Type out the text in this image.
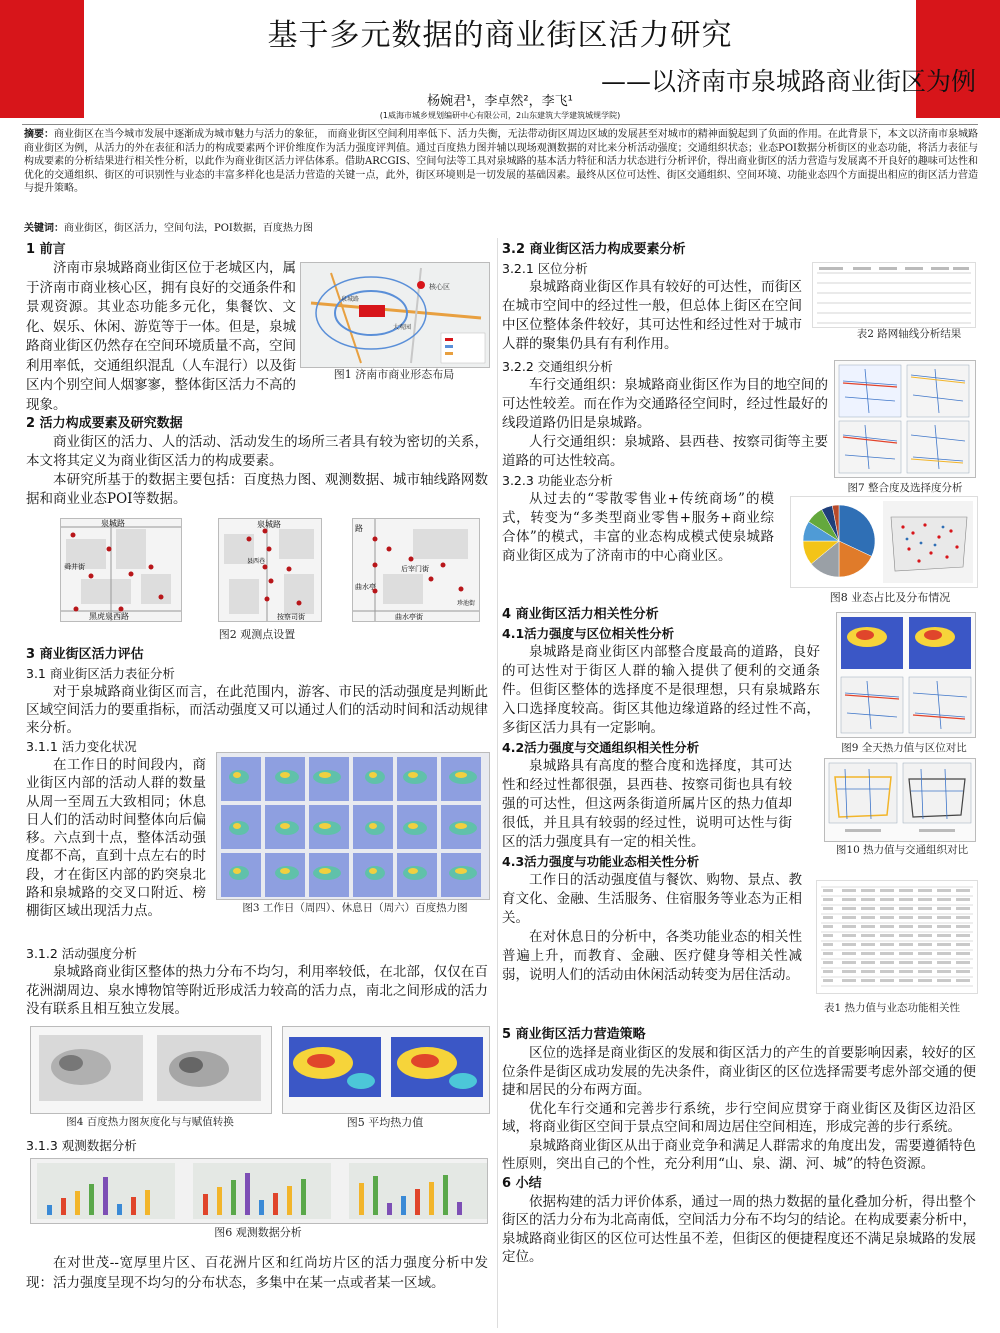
基于多元数据的商业街区活力研究
——以济南市泉城路商业街区为例
杨婉君¹，李卓然²，李飞¹
(1威海市城乡规划编研中心有限公司，2山东建筑大学建筑城规学院)
摘要：商业街区在当今城市发展中逐渐成为城市魅力与活力的象征， 而商业街区空间利用率低下、活力失衡，无法带动街区周边区域的发展甚至对城市的精神面貌起到了负面的作用。在此背景下，本文以济南市泉城路商业街区为例，从活力的外在表征和活力的构成要素两个评价维度作为活力强度评判值。通过百度热力图并辅以现场观测数据的对比来分析活动强度；交通组织状态；业态POI数据分析街区的业态功能，将活力表征与构成要素的分析结果进行相关性分析，以此作为商业街区活力评估体系。借助ARCGIS、空间句法等工具对泉城路的基本活力特征和活力状态进行分析评价，得出商业街区的活力营造与发展离不开良好的趣味可达性和优化的交通组织、街区的可识别性与业态的丰富多样化也是活力营造的关键一点，此外，街区环境则是一切发展的基础因素。最终从区位可达性、街区交通组织、空间环境、功能业态四个方面提出相应的街区活力营造与提升策略。
关键词：商业街区，街区活力，空间句法，POI数据，百度热力图
1 前言

济南市泉城路商业街区位于老城区内，属于济南市商业核心区，拥有良好的交通条件和景观资源。其业态功能多元化，集餐饮、文化、娱乐、休闲、游览等于一体。但是，泉城路商业街区仍然存在空间环境质量不高，空间利用率低，交通组织混乱（人车混行）以及街区内个别空间人烟寥寥，整体街区活力不高的现象。

核心区
泉城路
大观园
图1 济南市商业形态布局

2 活力构成要素及研究数据

商业街区的活力、人的活动、活动发生的场所三者具有较为密切的关系，本文将其定义为商业街区活力的构成要素。

本研究所基于的数据主要包括：百度热力图、观测数据、城市轴线路网数据和商业业态POI等数据。

泉城路
黑虎泉西路
舜井街
泉城路
县西巷
按察司街
路
后宰门街
曲水亭街
曲水亭
珍池街
图2 观测点设置
3 商业街区活力评估
3.1 商业街区活力表征分析

对于泉城路商业街区而言，在此范围内，游客、市民的活动强度是判断此区域空间活力的要重指标，而活动强度又可以通过人们的活动时间和活动规律来分析。

3.1.1 活力变化状况

在工作日的时间段内，商业街区内部的活动人群的数量从周一至周五大致相同；休息日人们的活动时间整体向后偏移。六点到十点，整体活动强度都不高，直到十点左右的时段，才在街区内部的趵突泉北路和泉城路的交叉口附近、榜棚街区域出现活力点。	图3 工作日（周四）、休息日（周六）百度热力图
3.1.2 活动强度分析

泉城路商业街区整体的热力分布不均匀，利用率较低，在北部，仅仅在百花洲湖周边、泉水博物馆等附近形成活力较高的活力点，南北之间形成的活力没有联系且相互独立发展。

图4 百度热力图灰度化与与赋值转换	图5 平均热力值
3.1.3 观测数据分析
图6 观测数据分析

在对世茂--宽厚里片区、百花洲片区和红尚坊片区的活力强度分析中发现：活力强度呈现不均匀的分布状态，多集中在某一点或者某一区域。

3.2 商业街区活力构成要素分析
3.2.1 区位分析

泉城路商业街区作具有较好的可达性，而街区在城市空间中的经过性一般，但总体上街区在空间中区位整体条件较好，其可达性和经过性对于城市人群的聚集仍具有有利作用。

表2 路网轴线分析结果
3.2.2 交通组织分析

车行交通组织：泉城路商业街区作为目的地空间的可达性较差。而在作为交通路径空间时，经过性最好的线段道路仍旧是泉城路。

人行交通组织：泉城路、县西巷、按察司街等主要道路的可达性较高。

3.2.3 功能业态分析

从过去的“零散零售业+传统商场”的模式，转变为“多类型商业零售+服务+商业综合体”的模式，丰富的业态构成模式使泉城路商业街区成为了济南市的中心商业区。

图7 整合度及选择度分析
图8 业态占比及分布情况
4 商业街区活力相关性分析
4.1活力强度与区位相关性分析

泉城路是商业街区内部整合度最高的道路，良好的可达性对于街区人群的输入提供了便利的交通条件。但街区整体的选择度不是很理想，只有泉城路东入口选择度较高。街区其他边缘道路的经过性不高，多街区活力具有一定影响。

4.2活力强度与交通组织相关性分析

泉城路具有高度的整合度和选择度，其可达性和经过性都很强，县西巷、按察司街也具有较强的可达性，但这两条街道所属片区的热力值却很低，并且具有较弱的经过性，说明可达性与街区的活力强度具有一定的相关性。

4.3活力强度与功能业态相关性分析

工作日的活动强度值与餐饮、购物、景点、教育文化、金融、生活服务、住宿服务等业态为正相关。

在对休息日的分析中，各类功能业态的相关性普遍上升，而教育、金融、医疗健身等相关性减弱，说明人们的活动由休闲活动转变为居住活动。

图9 全天热力值与区位对比
图10 热力值与交通组织对比
表1 热力值与业态功能相关性
5 商业街区活力营造策略

区位的选择是商业街区的发展和街区活力的产生的首要影响因素，较好的区位条件是街区成功发展的先决条件，商业街区的区位选择需要考虑外部交通的便捷和居民的分布两方面。

优化车行交通和完善步行系统，步行空间应贯穿于商业街区及街区边沿区域，将商业街区空间于景点空间和周边居住空间相连，形成完善的步行系统。

泉城路商业街区从出于商业竞争和满足人群需求的角度出发，需要遵循特色性原则，突出自己的个性，充分利用“山、泉、湖、河、城”的特色资源。

6 小结

依据构建的活力评价体系，通过一周的热力数据的量化叠加分析，得出整个街区的活力分布为北高南低，空间活力分布不均匀的结论。在构成要素分析中，泉城路商业街区的区位可达性虽不差，但街区的便捷程度还不满足泉城路的发展定位。
